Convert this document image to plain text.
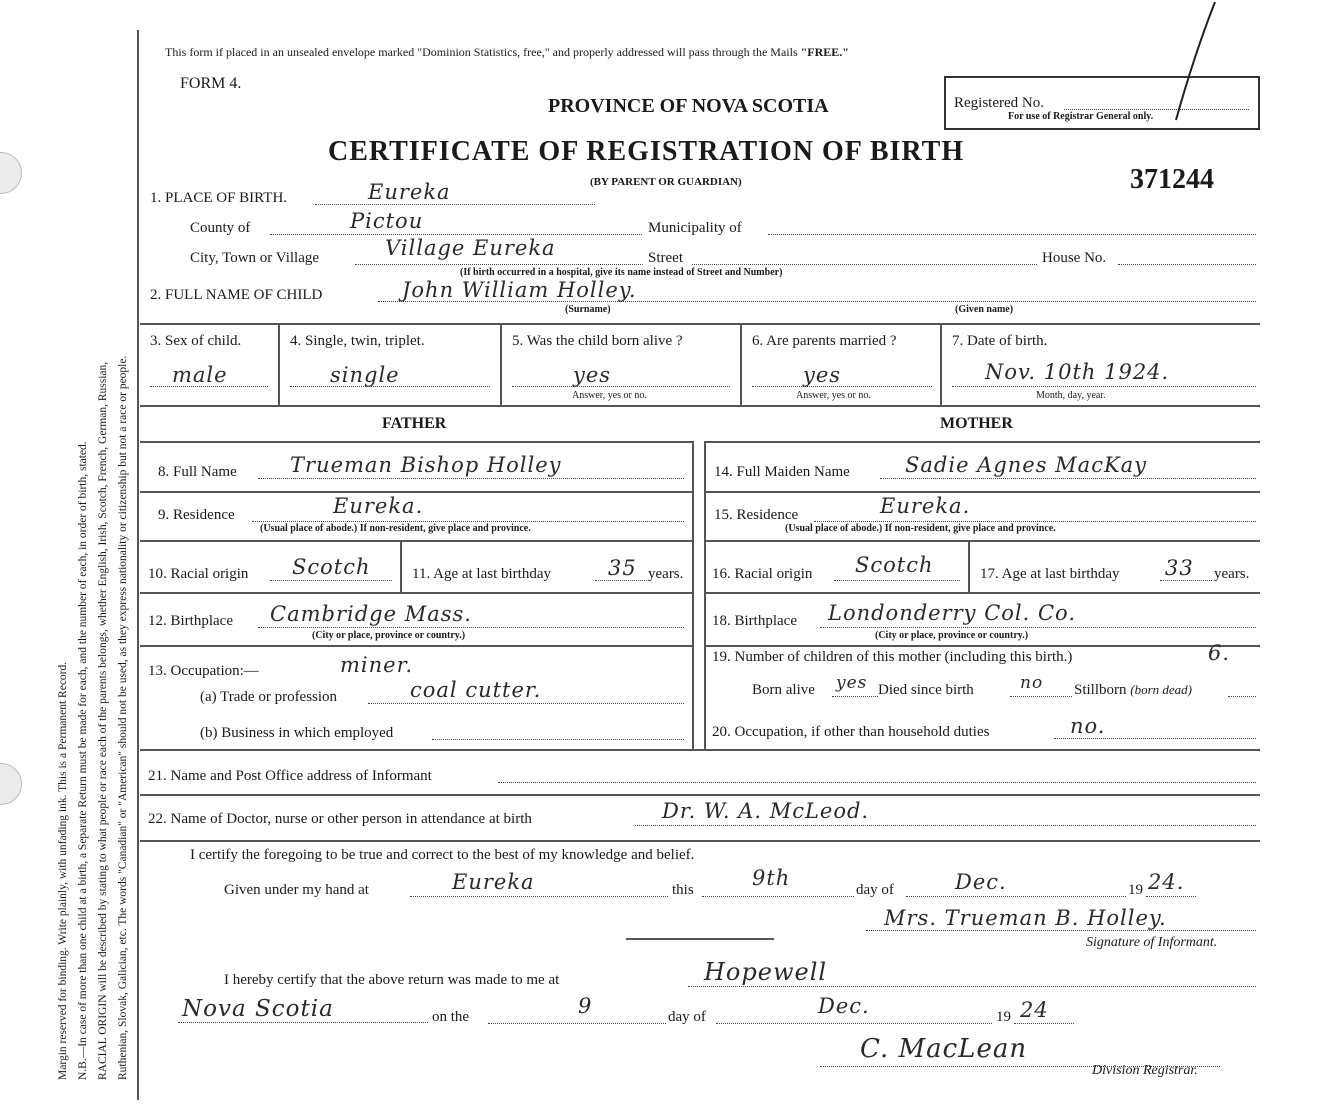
Margin reserved for binding. Write plainly, with unfading ink. This is a Permanent Record. N.B.—In case of more than one child at a birth, a Separate Return must be made for each, and the number of each, in order of birth, stated. RACIAL ORIGIN will be described by stating to what people or race each of the parents belongs, whether English, Irish, Scotch, French, German, Russian, Ruthenian, Slovak, Galician, etc. The words "Canadian" or "American" should not be used, as they express nationality or citizenship but not a race or people.
This form if placed in an unsealed envelope marked "Dominion Statistics, free," and properly addressed will pass through the Mails "FREE."
FORM 4.
PROVINCE OF NOVA SCOTIA
CERTIFICATE OF REGISTRATION OF BIRTH
(BY PARENT OR GUARDIAN)
Registered No.
For use of Registrar General only.
371244
1. PLACE OF BIRTH.	Eureka
County of	Pictou	Municipality of
City, Town or Village	Village Eureka	Street	House No.
(If birth occurred in a hospital, give its name instead of Street and Number)
2. FULL NAME OF CHILD	John William Holley.
(Surname)	(Given name)
3. Sex of child.
male
4. Single, twin, triplet.
single
5. Was the child born alive ?
yes
Answer, yes or no.
6. Are parents married ?
yes
Answer, yes or no.
7. Date of birth.
Nov. 10th 1924.
Month, day, year.
FATHER	MOTHER
8. Full Name	Trueman Bishop Holley
9. Residence	Eureka.
(Usual place of abode.) If non-resident, give place and province.
10. Racial origin Scotch	11. Age at last birthday	35 years.
12. Birthplace Cambridge Mass.
(City or place, province or country.)
13. Occupation:—	miner.
(a) Trade or profession	coal cutter.
(b) Business in which employed
14. Full Maiden Name	Sadie Agnes MacKay
15. Residence	Eureka.
(Usual place of abode.) If non-resident, give place and province.
16. Racial origin Scotch	17. Age at last birthday 33 years.
18. Birthplace Londonderry Col. Co.
(City or place, province or country.)
19. Number of children of this mother (including this birth.)	6.
Born alive yes Died since birth	no Stillborn (born dead)
20. Occupation, if other than household duties	no.
21. Name and Post Office address of Informant
22. Name of Doctor, nurse or other person in attendance at birth	Dr. W. A. McLeod.
I certify the foregoing to be true and correct to the best of my knowledge and belief.
Given under my hand at	Eureka	this	9th	day of	Dec.	19 24.
Mrs. Trueman B. Holley.
Signature of Informant.
I hereby certify that the above return was made to me at	Hopewell
Nova Scotia	on the	9	day of	Dec.	19 24
C. MacLean
Division Registrar.
